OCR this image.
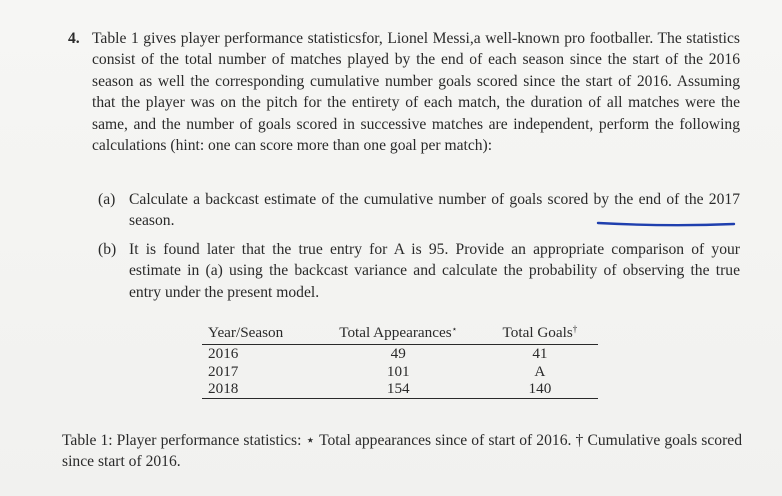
4. Table 1 gives player performance statisticsfor, Lionel Messi,a well-known pro footballer. The statistics consist of the total number of matches played by the end of each season since the start of the 2016 season as well the corresponding cumulative number goals scored since the start of 2016. Assuming that the player was on the pitch for the entirety of each match, the duration of all matches were the same, and the number of goals scored in successive matches are independent, perform the following calculations (hint: one can score more than one goal per match):
(a) Calculate a backcast estimate of the cumulative number of goals scored by the end of the 2017 season.
(b) It is found later that the true entry for A is 95. Provide an appropriate comparison of your estimate in (a) using the backcast variance and calculate the probability of observing the true entry under the present model.
Year/Season	Total Appearances⋆	Total Goals†
2016	49	41
2017	101	A
2018	154	140
Table 1: Player performance statistics: ⋆ Total appearances since of start of 2016. † Cumulative goals scored since start of 2016.
